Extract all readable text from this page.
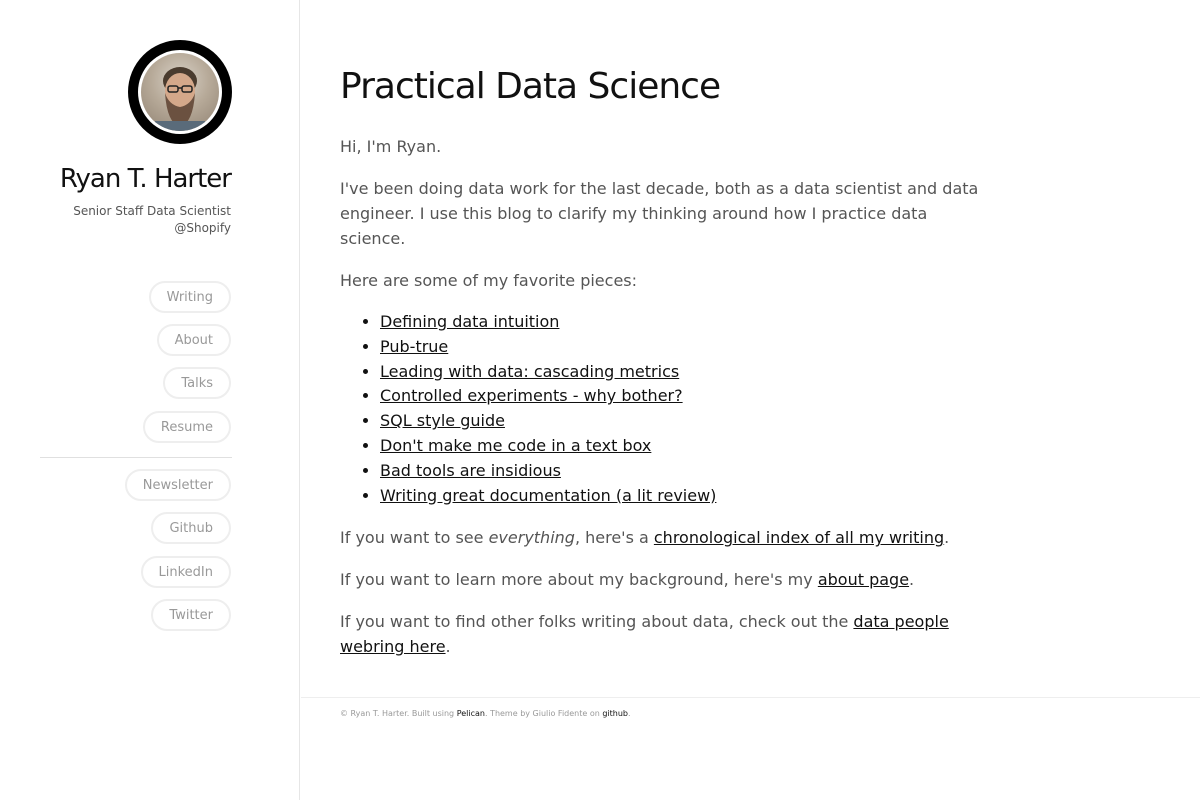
Ryan T. Harter
Senior Staff Data Scientist @Shopify
Writing
About
Talks
Resume
Newsletter
Github
LinkedIn
Twitter
Practical Data Science

Hi, I'm Ryan.

I've been doing data work for the last decade, both as a data scientist and data engineer. I use this blog to clarify my thinking around how I practice data science.

Here are some of my favorite pieces:

• Defining data intuition
• Pub-true
• Leading with data: cascading metrics
• Controlled experiments - why bother?
• SQL style guide
• Don't make me code in a text box
• Bad tools are insidious
• Writing great documentation (a lit review)

If you want to see everything, here's a chronological index of all my writing.

If you want to learn more about my background, here's my about page.

If you want to find other folks writing about data, check out the data people webring here.

© Ryan T. Harter. Built using Pelican. Theme by Giulio Fidente on github.
